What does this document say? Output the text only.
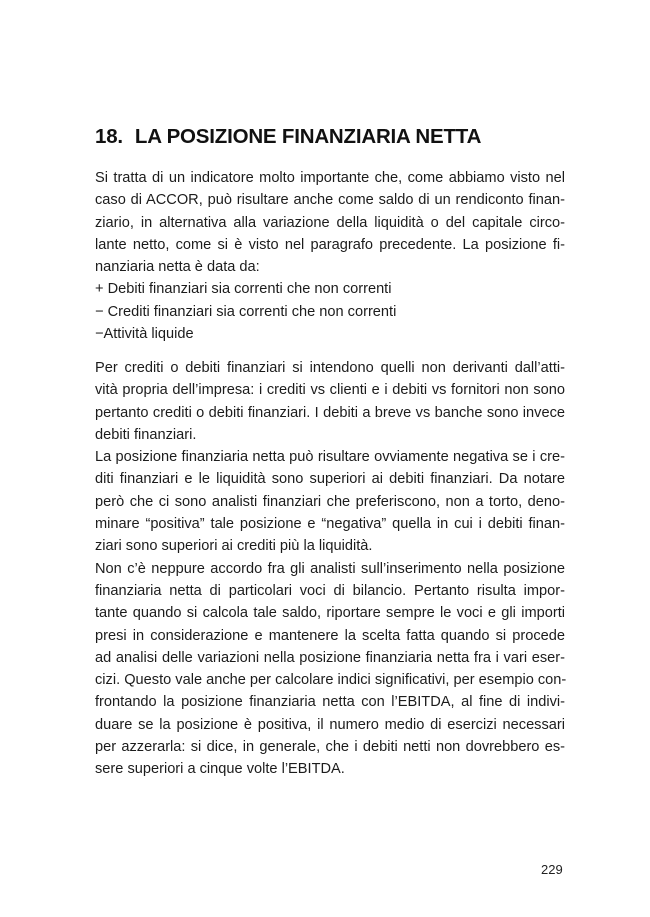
18. LA POSIZIONE FINANZIARIA NETTA
Si tratta di un indicatore molto importante che, come abbiamo visto nel
caso di ACCOR, può risultare anche come saldo di un rendiconto finan-
ziario, in alternativa alla variazione della liquidità o del capitale circo-
lante netto, come si è visto nel paragrafo precedente. La posizione fi-
nanziaria netta è data da:
+ Debiti finanziari sia correnti che non correnti
− Crediti finanziari sia correnti che non correnti
−Attività liquide
Per crediti o debiti finanziari si intendono quelli non derivanti dall’atti-
vità propria dell’impresa: i crediti vs clienti e i debiti vs fornitori non sono
pertanto crediti o debiti finanziari. I debiti a breve vs banche sono invece
debiti finanziari.
La posizione finanziaria netta può risultare ovviamente negativa se i cre-
diti finanziari e le liquidità sono superiori ai debiti finanziari. Da notare
però che ci sono analisti finanziari che preferiscono, non a torto, deno-
minare “positiva” tale posizione e “negativa” quella in cui i debiti finan-
ziari sono superiori ai crediti più la liquidità.
Non c’è neppure accordo fra gli analisti sull’inserimento nella posizione
finanziaria netta di particolari voci di bilancio. Pertanto risulta impor-
tante quando si calcola tale saldo, riportare sempre le voci e gli importi
presi in considerazione e mantenere la scelta fatta quando si procede
ad analisi delle variazioni nella posizione finanziaria netta fra i vari eser-
cizi. Questo vale anche per calcolare indici significativi, per esempio con-
frontando la posizione finanziaria netta con l’EBITDA, al fine di indivi-
duare se la posizione è positiva, il numero medio di esercizi necessari
per azzerarla: si dice, in generale, che i debiti netti non dovrebbero es-
sere superiori a cinque volte l’EBITDA.
229
